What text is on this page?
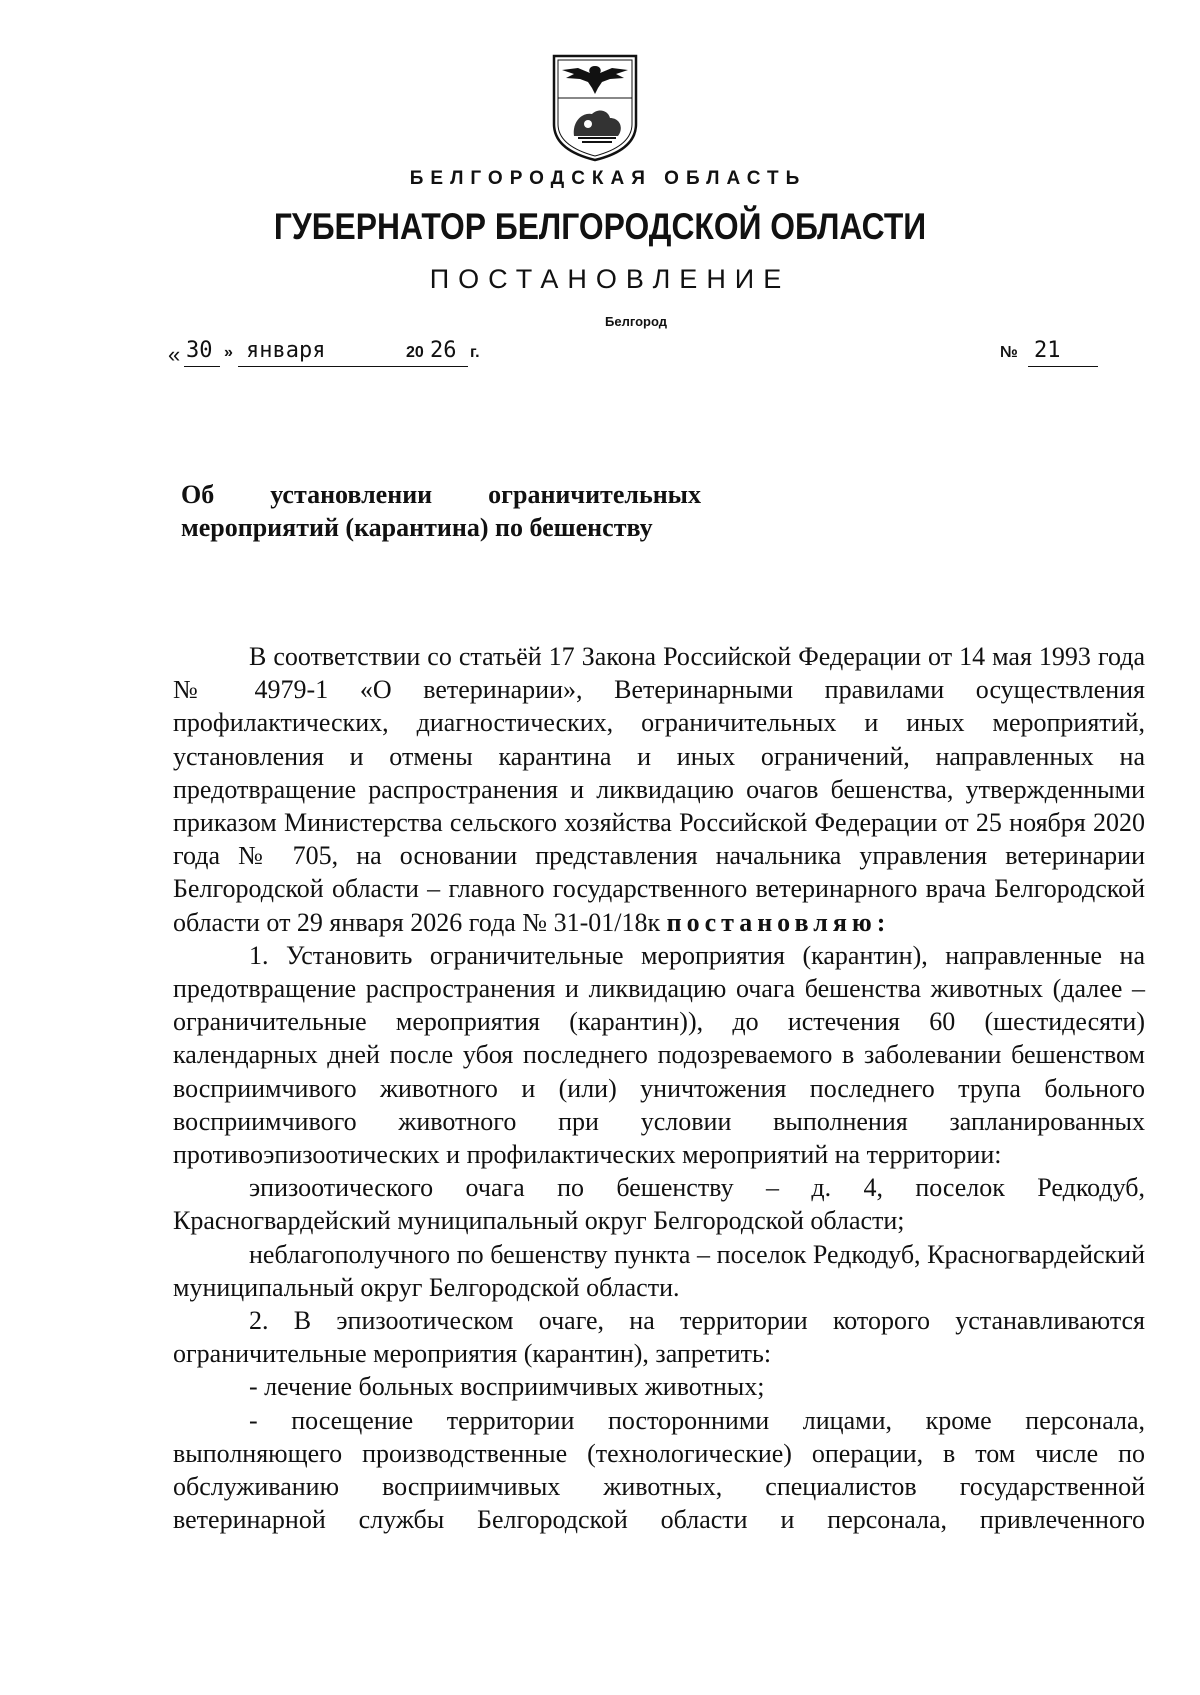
БЕЛГОРОДСКАЯ ОБЛАСТЬ
ГУБЕРНАТОР БЕЛГОРОДСКОЙ ОБЛАСТИ
ПОСТАНОВЛЕНИЕ
Белгород
« 30 » января	20 26 г.	№ 21
Об установлении ограничительных
мероприятий (карантина) по бешенству

В соответствии со статьёй 17 Закона Российской Федерации от 14 мая 1993 года № 4979-1 «О ветеринарии», Ветеринарными правилами осуществления профилактических, диагностических, ограничительных и иных мероприятий, установления и отмены карантина и иных ограничений, направленных на предотвращение распространения и ликвидацию очагов бешенства, утвержденными приказом Министерства сельского хозяйства Российской Федерации от 25 ноября 2020 года № 705, на основании представления начальника управления ветеринарии Белгородской области – главного государственного ветеринарного врача Белгородской области от 29 января 2026 года № 31-01/18к постановляю:

1. Установить ограничительные мероприятия (карантин), направленные на предотвращение распространения и ликвидацию очага бешенства животных (далее – ограничительные мероприятия (карантин)), до истечения 60 (шестидесяти) календарных дней после убоя последнего подозреваемого в заболевании бешенством восприимчивого животного и (или) уничтожения последнего трупа больного восприимчивого животного при условии выполнения запланированных противоэпизоотических и профилактических мероприятий на территории:

эпизоотического очага по бешенству – д. 4, поселок Редкодуб, Красногвардейский муниципальный округ Белгородской области;

неблагополучного по бешенству пункта – поселок Редкодуб, Красногвардейский муниципальный округ Белгородской области.

2. В эпизоотическом очаге, на территории которого устанавливаются ограничительные мероприятия (карантин), запретить:

- лечение больных восприимчивых животных;

- посещение территории посторонними лицами, кроме персонала, выполняющего производственные (технологические) операции, в том числе по обслуживанию восприимчивых животных, специалистов государственной ветеринарной службы Белгородской области и персонала, привлеченного
